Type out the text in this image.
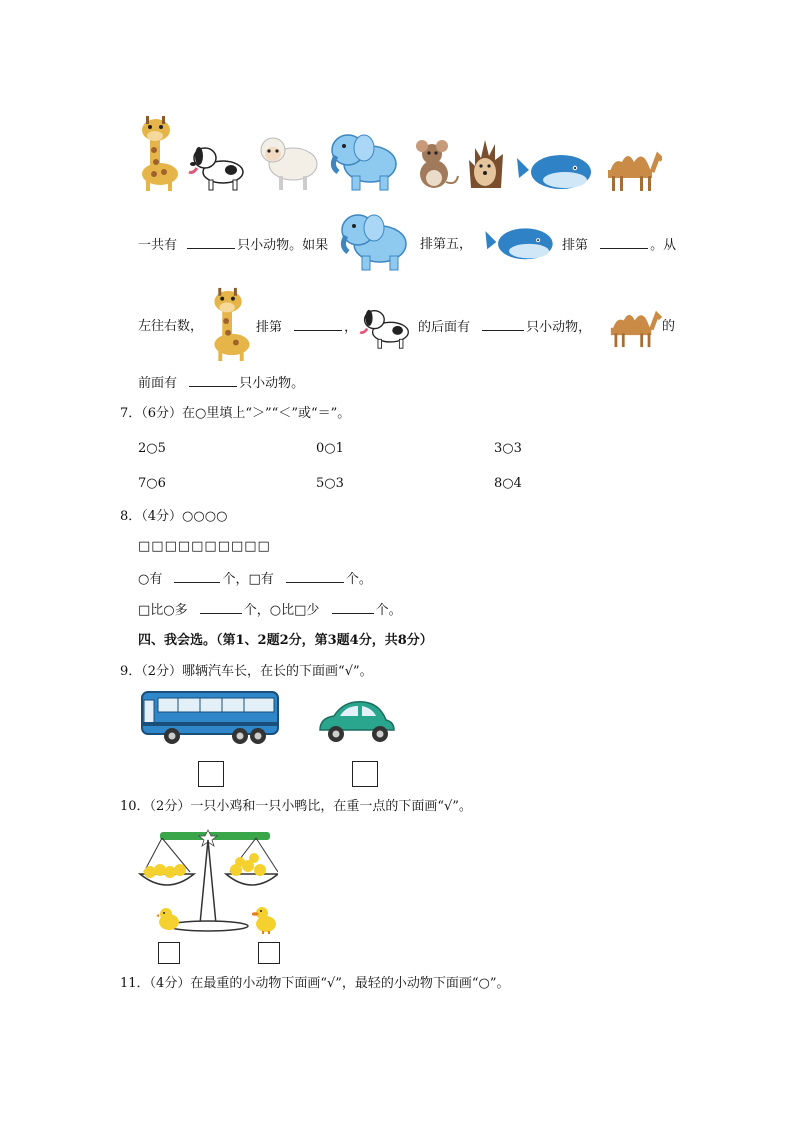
一共有	只小动物。如果	排第五，	排第	。从
左往右数，	排第	，	的后面有	只小动物，	的
前面有	只小动物。
7．（6分）在○里填上“＞”“＜”或“＝”。
2○5	0○1	3○3
7○6	5○3	8○4
8．（4分）○○○○
□□□□□□□□□□
○有	个，□有	个。
□比○多	个，○比□少	个。
四、我会选。（第1、2题2分，第3题4分，共8分）
9．（2分）哪辆汽车长，在长的下面画“√”。
10．（2分）一只小鸡和一只小鸭比，在重一点的下面画“√”。
11．（4分）在最重的小动物下面画“√”，最轻的小动物下面画“○”。
